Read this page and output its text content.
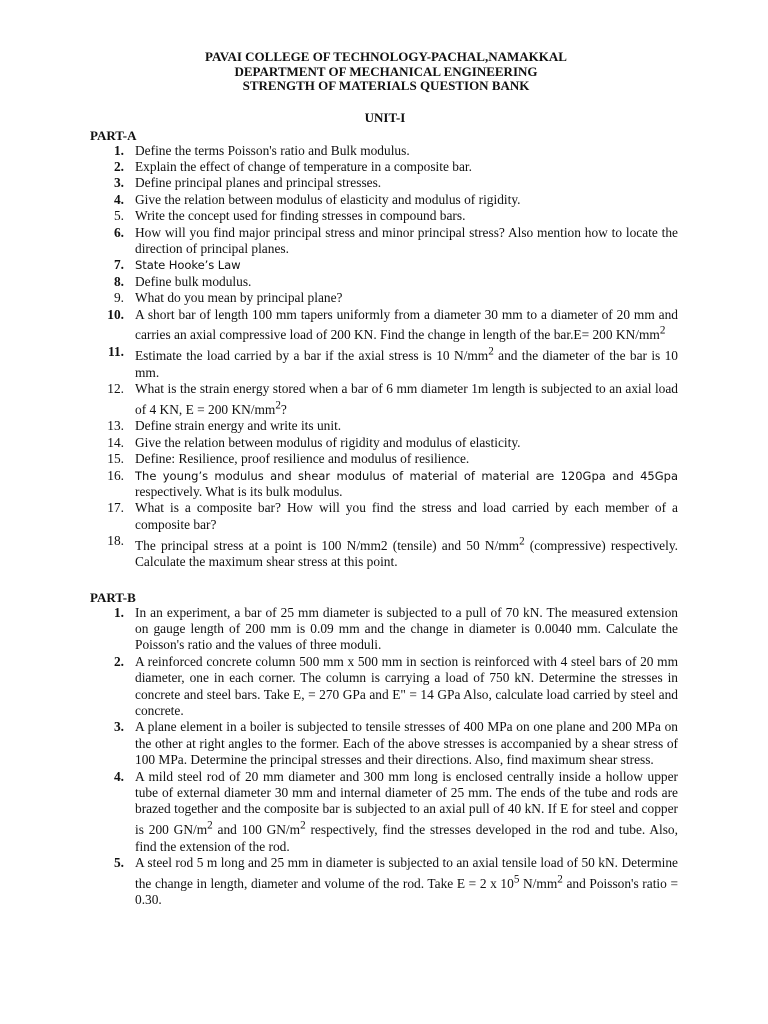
PAVAI COLLEGE OF TECHNOLOGY-PACHAL,NAMAKKAL
DEPARTMENT OF MECHANICAL ENGINEERING
STRENGTH OF MATERIALS QUESTION BANK
UNIT-I
PART-A
1. Define the terms Poisson's ratio and Bulk modulus.
2. Explain the effect of change of temperature in a composite bar.
3. Define principal planes and principal stresses.
4. Give the relation between modulus of elasticity and modulus of rigidity.
5. Write the concept used for finding stresses in compound bars.
6. How will you find major principal stress and minor principal stress? Also mention how to locate the direction of principal planes.
7. State Hooke’s Law
8. Define bulk modulus.
9. What do you mean by principal plane?
10. A short bar of length 100 mm tapers uniformly from a diameter 30 mm to a diameter of 20 mm and carries an axial compressive load of 200 KN. Find the change in length of the bar.E= 200 $KN/mm^2$
11. Estimate the load carried by a bar if the axial stress is 10 $N/mm^2$ and the diameter of the bar is 10 mm.
12. What is the strain energy stored when a bar of 6 mm diameter 1m length is subjected to an axial load of 4 KN, E = 200 $KN/mm^2$?
13. Define strain energy and write its unit.
14. Give the relation between modulus of rigidity and modulus of elasticity.
15. Define: Resilience, proof resilience and modulus of resilience.
16. The young’s modulus and shear modulus of material of material are 120Gpa and 45Gpa respectively. What is its bulk modulus.
17. What is a composite bar? How will you find the stress and load carried by each member of a composite bar?
18. The principal stress at a point is 100 N/mm2 (tensile) and 50 $N/mm^2$ (compressive) respectively. Calculate the maximum shear stress at this point.
PART-B
1. In an experiment, a bar of 25 mm diameter is subjected to a pull of 70 kN. The measured extension on gauge length of 200 mm is 0.09 mm and the change in diameter is 0.0040 mm. Calculate the Poisson's ratio and the values of three moduli.
2. A reinforced concrete column 500 mm x 500 mm in section is reinforced with 4 steel bars of 20 mm diameter, one in each corner. The column is carrying a load of 750 kN. Determine the stresses in concrete and steel bars. Take E, = 270 GPa and E" = 14 GPa Also, calculate load carried by steel and concrete.
3. A plane element in a boiler is subjected to tensile stresses of 400 MPa on one plane and 200 MPa on the other at right angles to the former. Each of the above stresses is accompanied by a shear stress of 100 MPa. Determine the principal stresses and their directions. Also, find maximum shear stress.
4. A mild steel rod of 20 mm diameter and 300 mm long is enclosed centrally inside a hollow upper tube of external diameter 30 mm and internal diameter of 25 mm. The ends of the tube and rods are brazed together and the composite bar is subjected to an axial pull of 40 kN. If E for steel and copper is 200 $GN/m^2$ and 100 $GN/m^2$ respectively, find the stresses developed in the rod and tube. Also, find the extension of the rod.
5. A steel rod 5 m long and 25 mm in diameter is subjected to an axial tensile load of 50 kN. Determine the change in length, diameter and volume of the rod. Take E = 2 x $10^5$ $N/mm^2$ and Poisson's ratio = 0.30.
